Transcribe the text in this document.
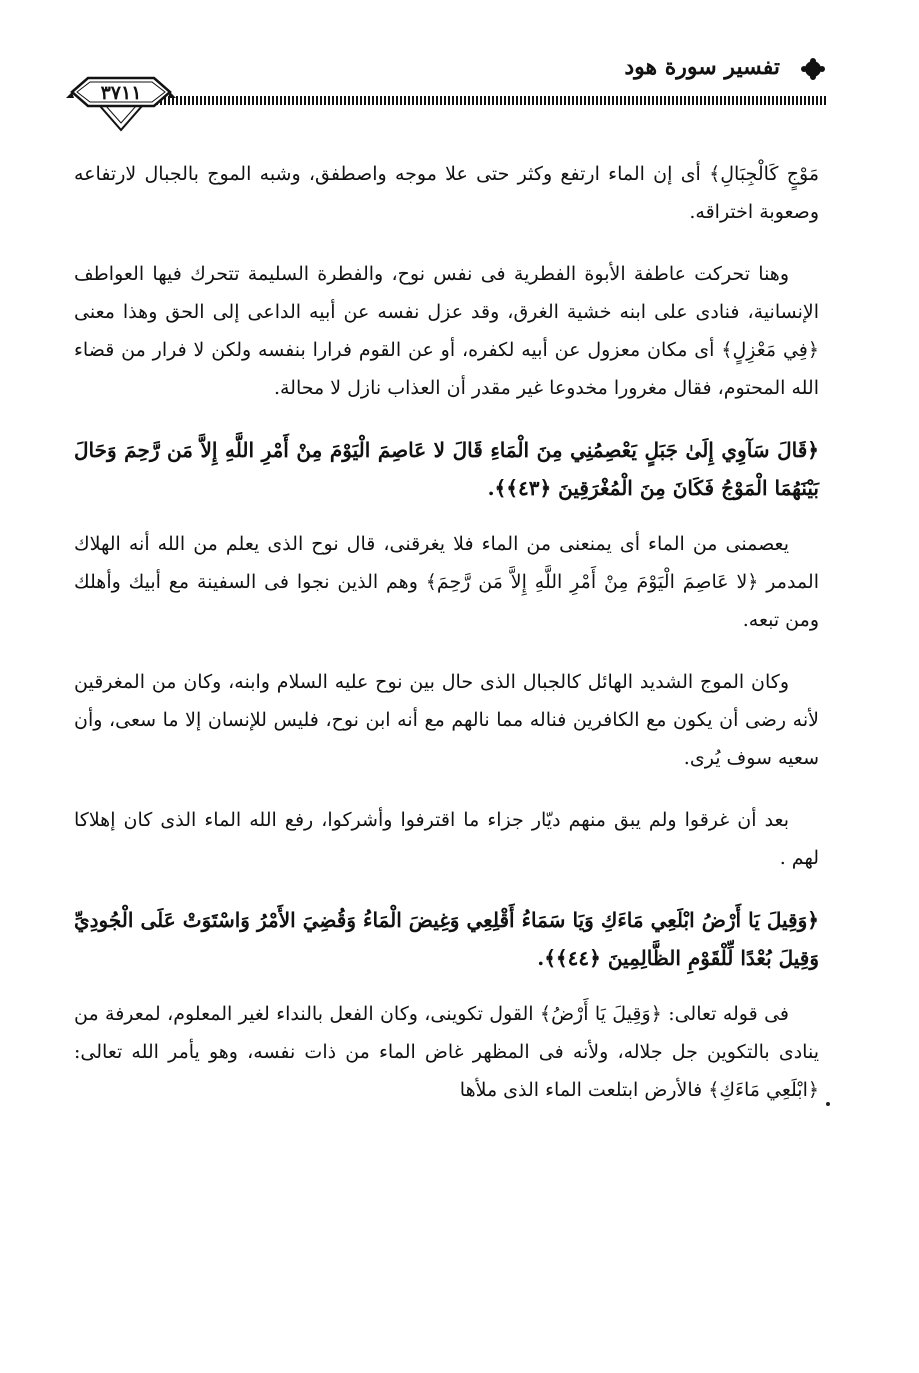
تفسير سورة هود
٣٧١١

مَوْجٍ كَالْجِبَالِ﴾ أى إن الماء ارتفع وكثر حتى علا موجه واصطفق، وشبه الموج بالجبال لارتفاعه وصعوبة اختراقه.

وهنا تحركت عاطفة الأبوة الفطرية فى نفس نوح، والفطرة السليمة تتحرك فيها العواطف الإنسانية، فنادى على ابنه خشية الغرق، وقد عزل نفسه عن أبيه الداعى إلى الحق وهذا معنى ﴿فِي مَعْزِلٍ﴾ أى مكان معزول عن أبيه لكفره، أو عن القوم فرارا بنفسه ولكن لا فرار من قضاء الله المحتوم، فقال مغرورا مخدوعا غير مقدر أن العذاب نازل لا محالة.

﴿قَالَ سَآوِي إِلَىٰ جَبَلٍ يَعْصِمُنِي مِنَ الْمَاءِ قَالَ لا عَاصِمَ الْيَوْمَ مِنْ أَمْرِ اللَّهِ إِلاَّ مَن رَّحِمَ وَحَالَ بَيْنَهُمَا الْمَوْجُ فَكَانَ مِنَ الْمُغْرَقِينَ ﴿٤٣﴾﴾.

يعصمنى من الماء أى يمنعنى من الماء فلا يغرقنى، قال نوح الذى يعلم من الله أنه الهلاك المدمر ﴿لا عَاصِمَ الْيَوْمَ مِنْ أَمْرِ اللَّهِ إِلاَّ مَن رَّحِمَ﴾ وهم الذين نجوا فى السفينة مع أبيك وأهلك ومن تبعه.

وكان الموج الشديد الهائل كالجبال الذى حال بين نوح عليه السلام وابنه، وكان من المغرقين لأنه رضى أن يكون مع الكافرين فناله مما نالهم مع أنه ابن نوح، فليس للإنسان إلا ما سعى، وأن سعيه سوف يُرى.

بعد أن غرقوا ولم يبق منهم ديّار جزاء ما اقترفوا وأشركوا، رفع الله الماء الذى كان إهلاكا لهم .

﴿وَقِيلَ يَا أَرْضُ ابْلَعِي مَاءَكِ وَيَا سَمَاءُ أَقْلِعِي وَغِيضَ الْمَاءُ وَقُضِيَ الأَمْرُ وَاسْتَوَتْ عَلَى الْجُودِيِّ وَقِيلَ بُعْدًا لِّلْقَوْمِ الظَّالِمِينَ ﴿٤٤﴾﴾.

فى قوله تعالى: ﴿وَقِيلَ يَا أَرْضُ﴾ القول تكوينى، وكان الفعل بالنداء لغير المعلوم، لمعرفة من ينادى بالتكوين جل جلاله، ولأنه فى المظهر غاض الماء من ذات نفسه، وهو يأمر الله تعالى: ﴿ابْلَعِي مَاءَكِ﴾ فالأرض ابتلعت الماء الذى ملأها
